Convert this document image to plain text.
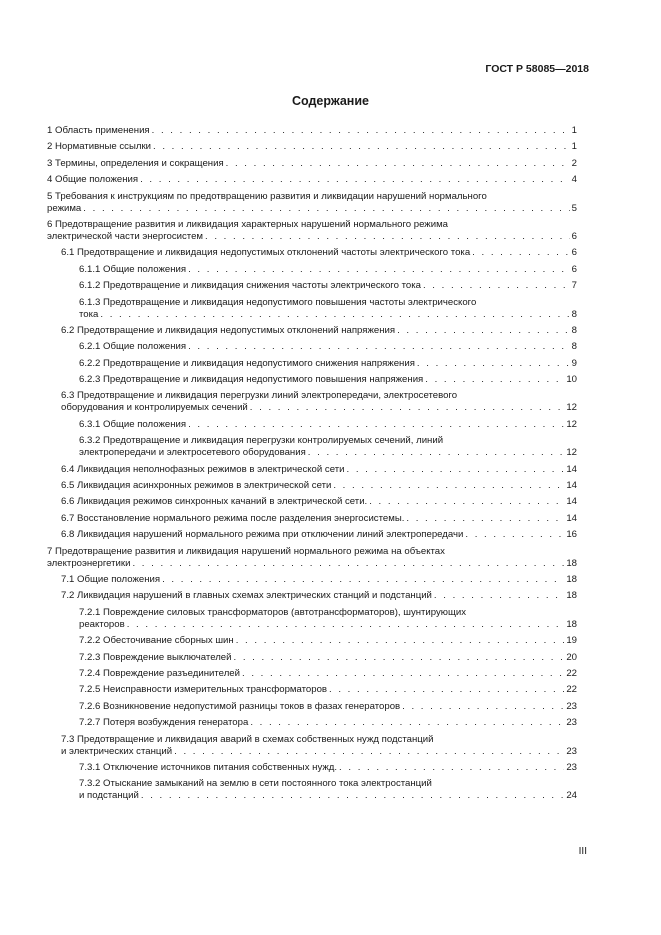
ГОСТ Р 58085—2018
Содержание
1 Область применения . . .	1
2 Нормативные ссылки . . .	1
3 Термины, определения и сокращения . . .	2
4 Общие положения . . .	4
5 Требования к инструкциям по предотвращению развития и ликвидации нарушений нормального
режима . . .	5
6 Предотвращение развития и ликвидация характерных нарушений нормального режима
электрической части энергосистем . . .	6
6.1 Предотвращение и ликвидация недопустимых отклонений частоты электрического тока . . .	6
6.1.1 Общие положения . . .	6
6.1.2 Предотвращение и ликвидация снижения частоты электрического тока . . .	7
6.1.3 Предотвращение и ликвидация недопустимого повышения частоты электрического
тока . . .	8
6.2 Предотвращение и ликвидация недопустимых отклонений напряжения . . .	8
6.2.1 Общие положения . . .	8
6.2.2 Предотвращение и ликвидация недопустимого снижения напряжения . . .	9
6.2.3 Предотвращение и ликвидация недопустимого повышения напряжения . . .	10
6.3 Предотвращение и ликвидация перегрузки линий электропередачи, электросетевого
оборудования и контролируемых сечений . . .	12
6.3.1 Общие положения . . .	12
6.3.2 Предотвращение и ликвидация перегрузки контролируемых сечений, линий
электропередачи и электросетевого оборудования . . .	12
6.4 Ликвидация неполнофазных режимов в электрической сети . . .	14
6.5 Ликвидация асинхронных режимов в электрической сети . . .	14
6.6 Ликвидация режимов синхронных качаний в электрической сети. . . .	14
6.7 Восстановление нормального режима после разделения энергосистемы. . . .	14
6.8 Ликвидация нарушений нормального режима при отключении линий электропередачи . . .	16
7 Предотвращение развития и ликвидация нарушений нормального режима на объектах
электроэнергетики . . .	18
7.1 Общие положения . . .	18
7.2 Ликвидация нарушений в главных схемах электрических станций и подстанций . . .	18
7.2.1 Повреждение силовых трансформаторов (автотрансформаторов), шунтирующих
реакторов . . .	18
7.2.2 Обесточивание сборных шин . . .	19
7.2.3 Повреждение выключателей . . .	20
7.2.4 Повреждение разъединителей . . .	22
7.2.5 Неисправности измерительных трансформаторов . . .	22
7.2.6 Возникновение недопустимой разницы токов в фазах генераторов . . .	23
7.2.7 Потеря возбуждения генератора . . .	23
7.3 Предотвращение и ликвидация аварий в схемах собственных нужд подстанций
и электрических станций . . .	23
7.3.1 Отключение источников питания собственных нужд. . . .	23
7.3.2 Отыскание замыканий на землю в сети постоянного тока электростанций
и подстанций . . .	24
III
